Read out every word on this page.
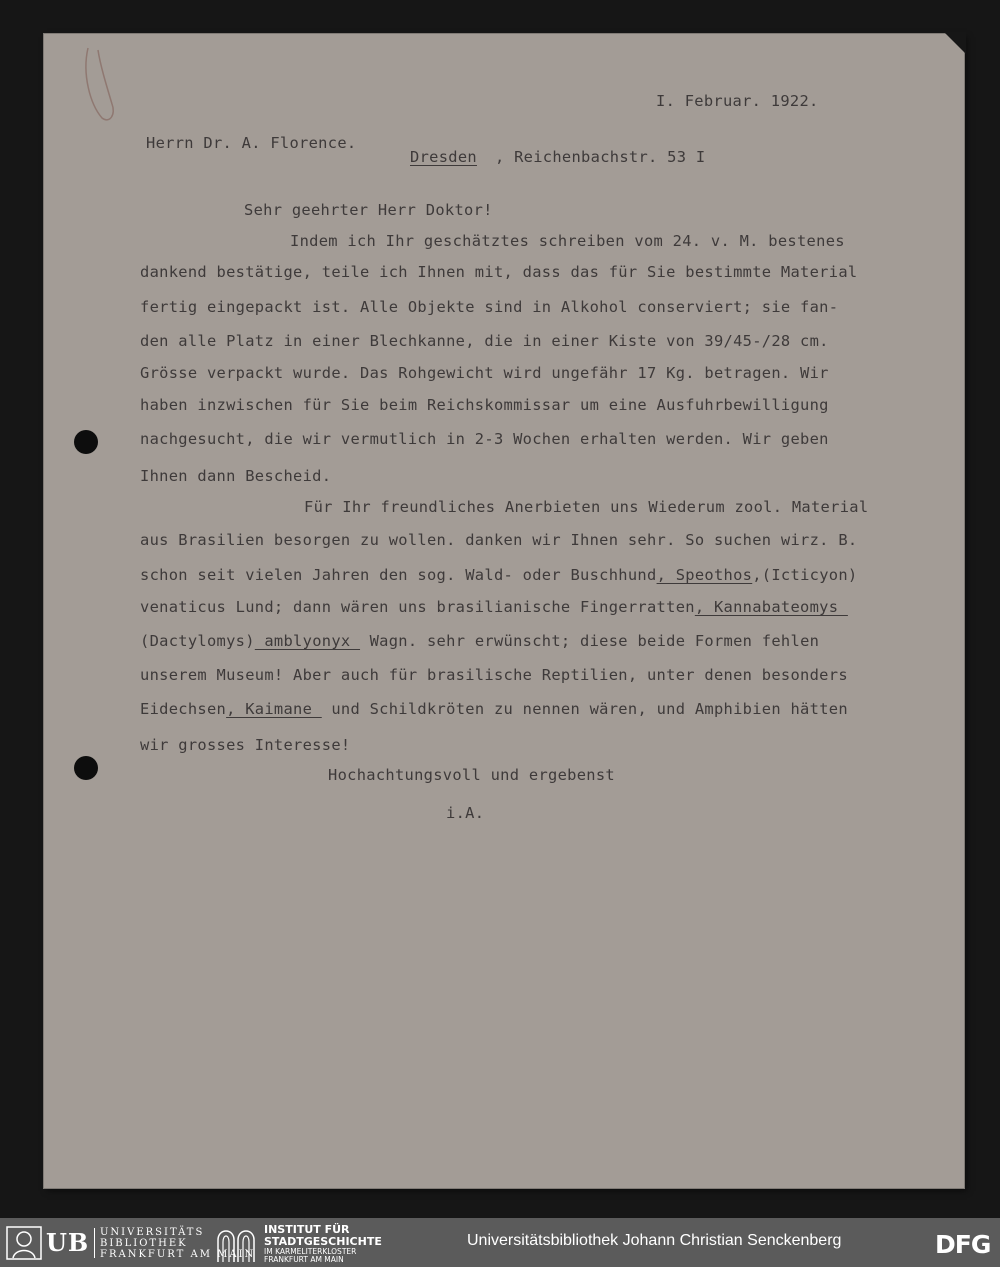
I. Februar. 1922.
Herrn Dr. A. Florence.
Dresden , Reichenbachstr. 53 I
Sehr geehrter Herr Doktor!
Indem ich Ihr geschätztes schreiben vom 24. v. M. bestenes
dankend bestätige, teile ich Ihnen mit, dass das für Sie bestimmte Material
fertig eingepackt ist. Alle Objekte sind in Alkohol conserviert; sie fan-
den alle Platz in einer Blechkanne, die in einer Kiste von 39/45-/28 cm.
Grösse verpackt wurde. Das Rohgewicht wird ungefähr 17 Kg. betragen. Wir
haben inzwischen für Sie beim Reichskommissar um eine Ausfuhrbewilligung
nachgesucht, die wir vermutlich in 2-3 Wochen erhalten werden. Wir geben
Ihnen dann Bescheid.
Für Ihr freundliches Anerbieten uns Wiederum zool. Material
aus Brasilien besorgen zu wollen. danken wir Ihnen sehr. So suchen wirz. B.
schon seit vielen Jahren den sog. Wald- oder Buschhund, Speothos,(Icticyon)
venaticus Lund; dann wären uns brasilianische Fingerratten, Kannabateomys
(Dactylomys) amblyonyx  Wagn. sehr erwünscht; diese beide Formen fehlen
unserem Museum! Aber auch für brasilische Reptilien, unter denen besonders
Eidechsen, Kaimane  und Schildkröten zu nennen wären, und Amphibien hätten
wir grosses Interesse!
Hochachtungsvoll und ergebenst
i.A.
UB UNIVERSITÄTS
BIBLIOTHEK
FRANKFURT AM MAIN
INSTITUT FÜR
STADTGESCHICHTE
IM KARMELITERKLOSTER
FRANKFURT AM MAIN
Universitätsbibliothek Johann Christian Senckenberg	DFG
